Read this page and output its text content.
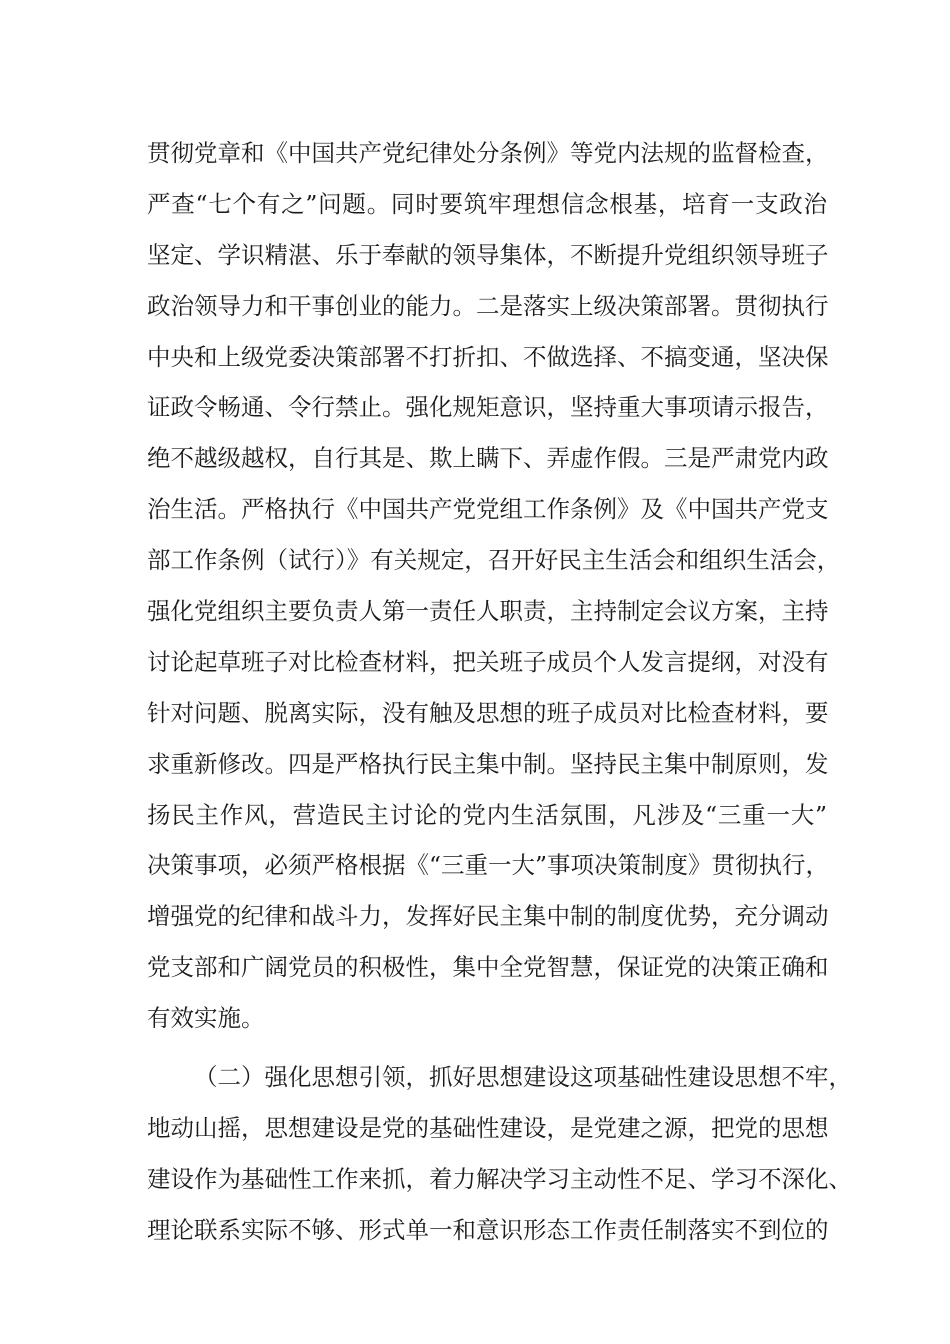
贯彻党章和《中国共产党纪律处分条例》等党内法规的监督检查，
严查“七个有之”问题。同时要筑牢理想信念根基，培育一支政治
坚定、学识精湛、乐于奉献的领导集体，不断提升党组织领导班子
政治领导力和干事创业的能力。二是落实上级决策部署。贯彻执行
中央和上级党委决策部署不打折扣、不做选择、不搞变通，坚决保
证政令畅通、令行禁止。强化规矩意识，坚持重大事项请示报告，
绝不越级越权，自行其是、欺上瞒下、弄虚作假。三是严肃党内政
治生活。严格执行《中国共产党党组工作条例》及《中国共产党支
部工作条例（试行）》有关规定，召开好民主生活会和组织生活会，
强化党组织主要负责人第一责任人职责，主持制定会议方案，主持
讨论起草班子对比检查材料，把关班子成员个人发言提纲，对没有
针对问题、脱离实际，没有触及思想的班子成员对比检查材料，要
求重新修改。四是严格执行民主集中制。坚持民主集中制原则，发
扬民主作风，营造民主讨论的党内生活氛围，凡涉及“三重一大”
决策事项，必须严格根据《“三重一大”事项决策制度》贯彻执行，
增强党的纪律和战斗力，发挥好民主集中制的制度优势，充分调动
党支部和广阔党员的积极性，集中全党智慧，保证党的决策正确和
有效实施。
（二）强化思想引领，抓好思想建设这项基础性建设思想不牢，
地动山摇，思想建设是党的基础性建设，是党建之源，把党的思想
建设作为基础性工作来抓，着力解决学习主动性不足、学习不深化、
理论联系实际不够、形式单一和意识形态工作责任制落实不到位的
